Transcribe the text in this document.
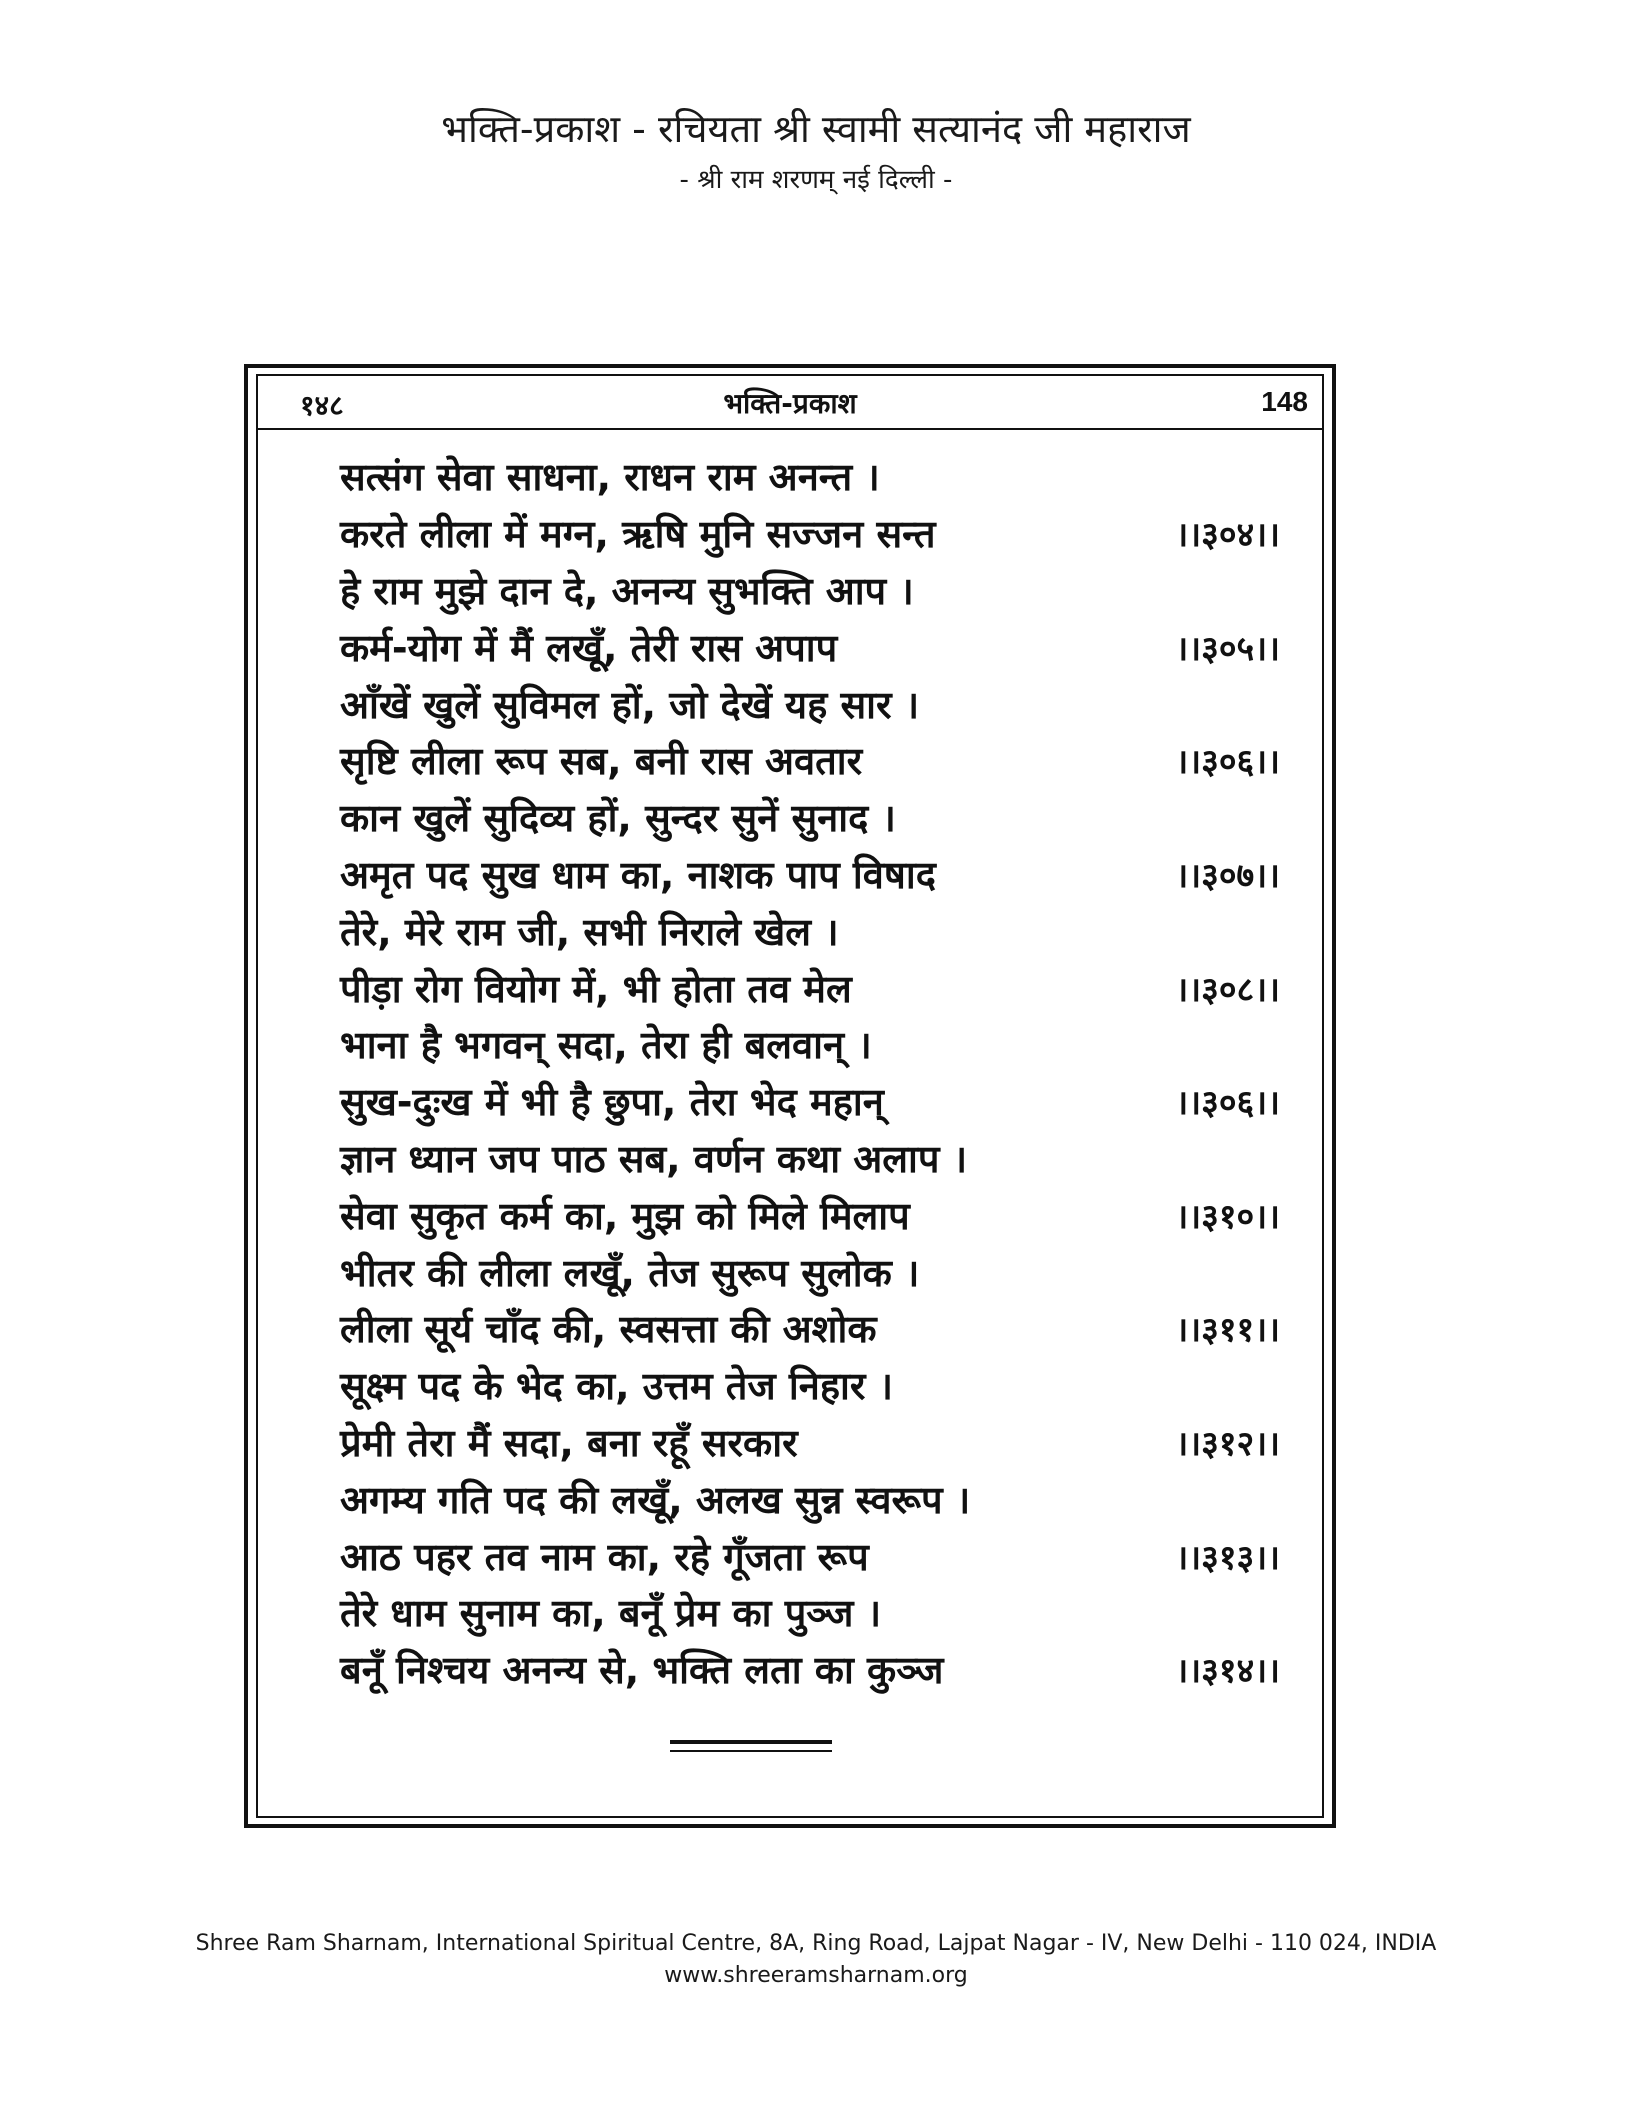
भक्ति-प्रकाश - रचियता श्री स्वामी सत्यानंद जी महाराज
- श्री राम शरणम् नई दिल्ली -
१४८	भक्ति-प्रकाश	148
सत्संग सेवा साधना, राधन राम अनन्त ।
करते लीला में मग्न, ऋषि मुनि सज्जन सन्त	।।३०४।।
हे राम मुझे दान दे, अनन्य सुभक्ति आप ।
कर्म-योग में मैं लखूँ, तेरी रास अपाप	।।३०५।।
आँखें खुलें सुविमल हों, जो देखें यह सार ।
सृष्टि लीला रूप सब, बनी रास अवतार	।।३०६।।
कान खुलें सुदिव्य हों, सुन्दर सुनें सुनाद ।
अमृत पद सुख धाम का, नाशक पाप विषाद	।।३०७।।
तेरे, मेरे राम जी, सभी निराले खेल ।
पीड़ा रोग वियोग में, भी होता तव मेल	।।३०८।।
भाना है भगवन् सदा, तेरा ही बलवान् ।
सुख-दुःख में भी है छुपा, तेरा भेद महान्	।।३०६।।
ज्ञान ध्यान जप पाठ सब, वर्णन कथा अलाप ।
सेवा सुकृत कर्म का, मुझ को मिले मिलाप	।।३१०।।
भीतर की लीला लखूँ, तेज सुरूप सुलोक ।
लीला सूर्य चाँद की, स्वसत्ता की अशोक	।।३११।।
सूक्ष्म पद के भेद का, उत्तम तेज निहार ।
प्रेमी तेरा मैं सदा, बना रहूँ सरकार	।।३१२।।
अगम्य गति पद की लखूँ, अलख सुन्न स्वरूप ।
आठ पहर तव नाम का, रहे गूँजता रूप	।।३१३।।
तेरे धाम सुनाम का, बनूँ प्रेम का पुञ्ज ।
बनूँ निश्चय अनन्य से, भक्ति लता का कुञ्ज	।।३१४।।
Shree Ram Sharnam, International Spiritual Centre, 8A, Ring Road, Lajpat Nagar - IV, New Delhi - 110 024, INDIA
www.shreeramsharnam.org
